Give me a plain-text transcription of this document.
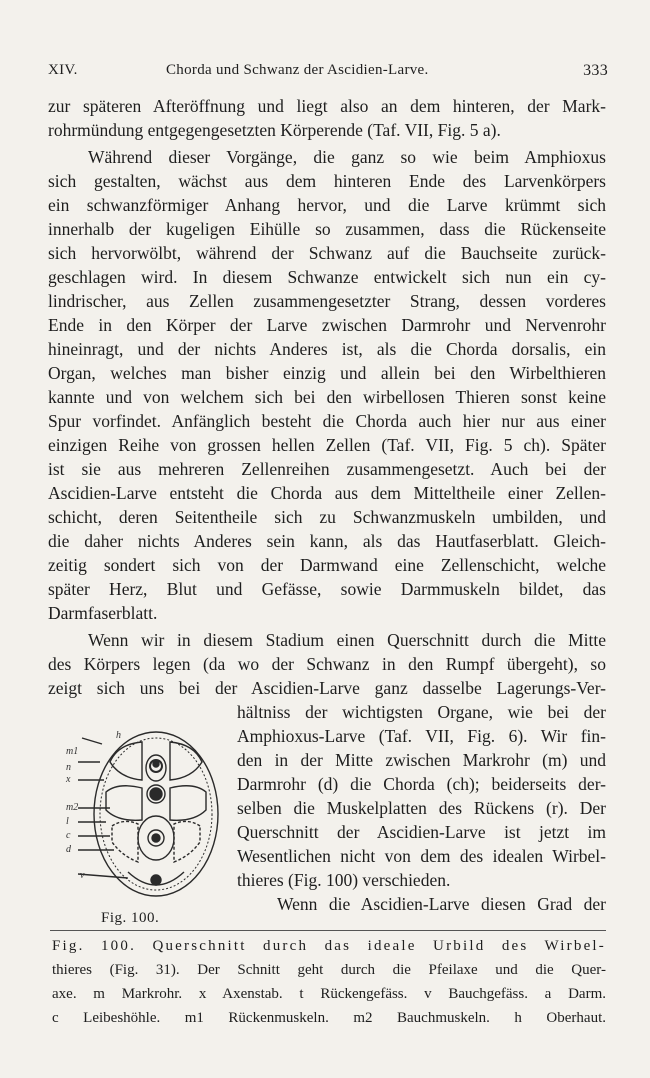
XIV.	Chorda und Schwanz der Ascidien-Larve.	333
zur späteren Afteröffnung und liegt also an dem hinteren, der Mark-
rohrmündung entgegengesetzten Körperende (Taf. VII, Fig. 5 a).
Während dieser Vorgänge, die ganz so wie beim Amphioxus
sich gestalten, wächst aus dem hinteren Ende des Larvenkörpers
ein schwanzförmiger Anhang hervor, und die Larve krümmt sich
innerhalb der kugeligen Eihülle so zusammen, dass die Rückenseite
sich hervorwölbt, während der Schwanz auf die Bauchseite zurück-
geschlagen wird. In diesem Schwanze entwickelt sich nun ein cy-
lindrischer, aus Zellen zusammengesetzter Strang, dessen vorderes
Ende in den Körper der Larve zwischen Darmrohr und Nervenrohr
hineinragt, und der nichts Anderes ist, als die Chorda dorsalis, ein
Organ, welches man bisher einzig und allein bei den Wirbelthieren
kannte und von welchem sich bei den wirbellosen Thieren sonst keine
Spur vorfindet. Anfänglich besteht die Chorda auch hier nur aus einer
einzigen Reihe von grossen hellen Zellen (Taf. VII, Fig. 5 ch). Später
ist sie aus mehreren Zellenreihen zusammengesetzt. Auch bei der
Ascidien-Larve entsteht die Chorda aus dem Mitteltheile einer Zellen-
schicht, deren Seitentheile sich zu Schwanzmuskeln umbilden, und
die daher nichts Anderes sein kann, als das Hautfaserblatt. Gleich-
zeitig sondert sich von der Darmwand eine Zellenschicht, welche
später Herz, Blut und Gefässe, sowie Darmmuskeln bildet, das
Darmfaserblatt.
Wenn wir in diesem Stadium einen Querschnitt durch die Mitte
des Körpers legen (da wo der Schwanz in den Rumpf übergeht), so
zeigt sich uns bei der Ascidien-Larve ganz dasselbe Lagerungs-Ver-
hältniss der wichtigsten Organe, wie bei der
Amphioxus-Larve (Taf. VII, Fig. 6). Wir fin-
den in der Mitte zwischen Markrohr (m) und
Darmrohr (d) die Chorda (ch); beiderseits der-
selben die Muskelplatten des Rückens (r). Der
Querschnitt der Ascidien-Larve ist jetzt im
Wesentlichen nicht von dem des idealen Wirbel-
thieres (Fig. 100) verschieden.
Wenn die Ascidien-Larve diesen Grad der
h
m1
n
x
m2
l
c
d
v
Fig. 100.
Fig. 100. Querschnitt durch das ideale Urbild des Wirbel-
thieres (Fig. 31). Der Schnitt geht durch die Pfeilaxe und die Quer-
axe. m Markrohr. x Axenstab. t Rückengefäss. v Bauchgefäss. a Darm.
c Leibeshöhle. m1 Rückenmuskeln. m2 Bauchmuskeln. h Oberhaut.
